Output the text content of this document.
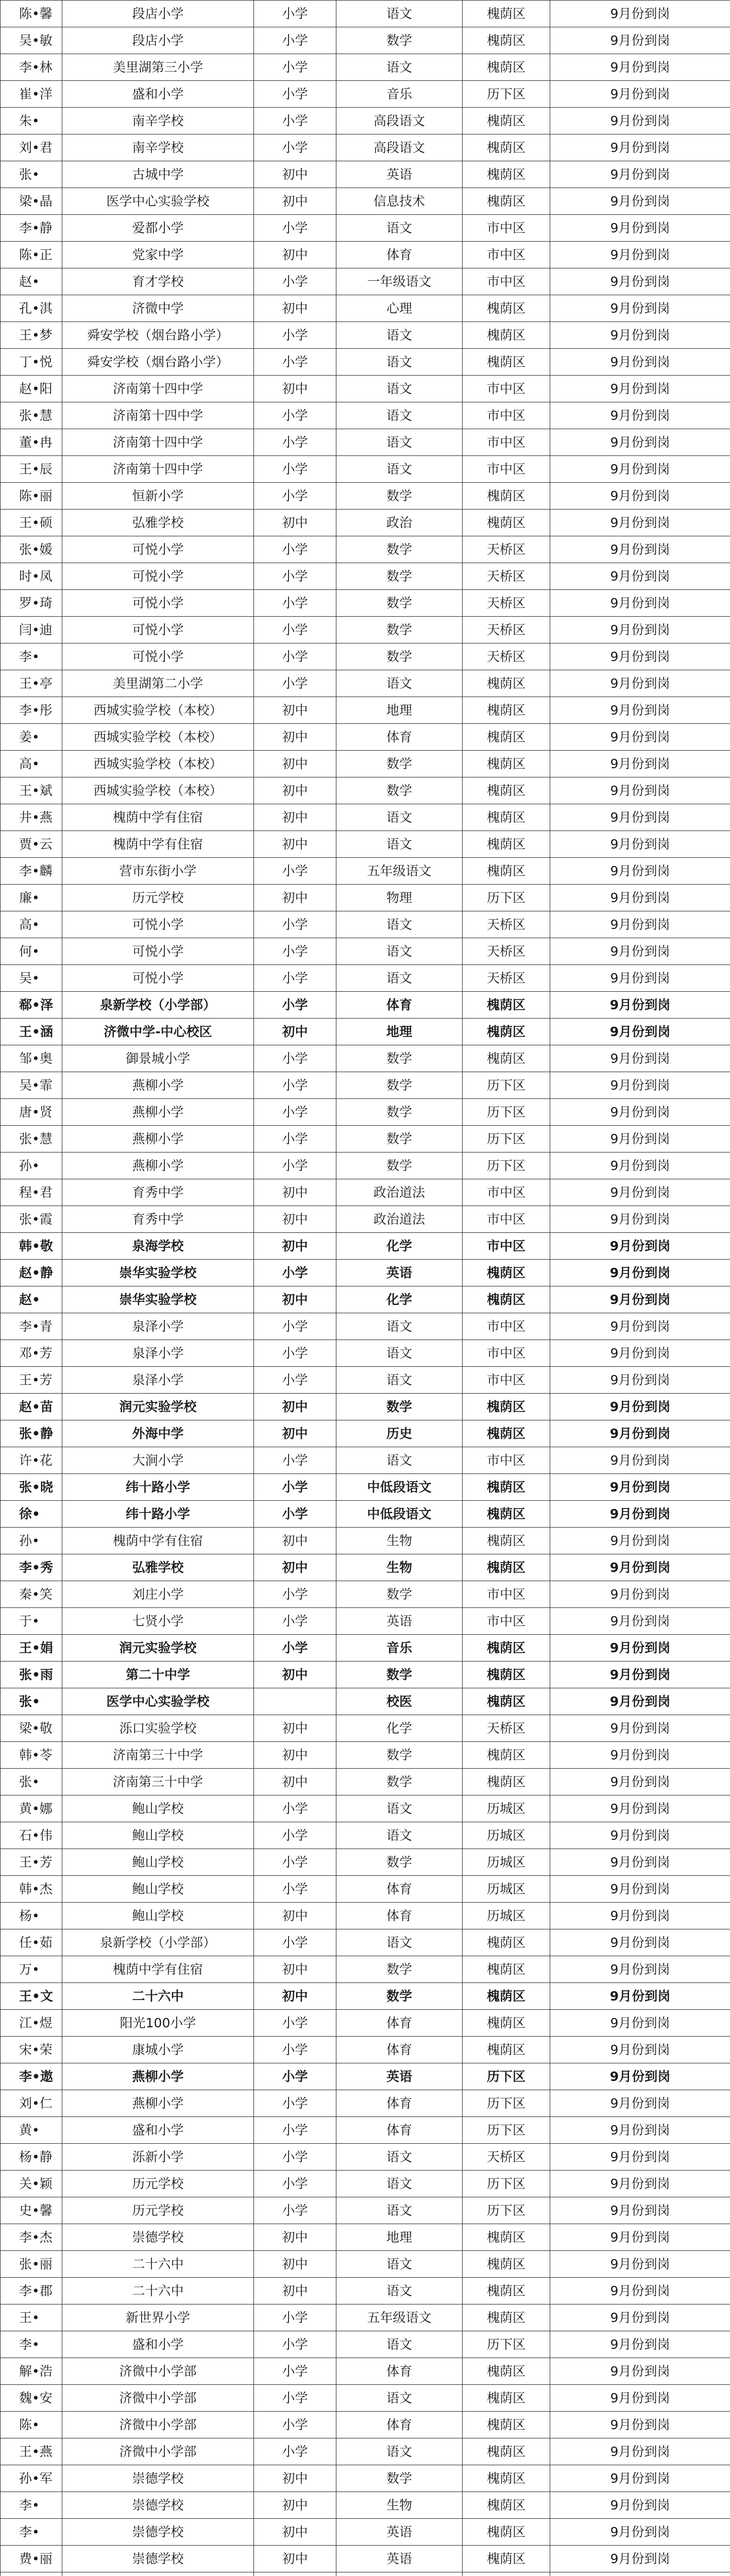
陈•馨	段店小学	小学	语文	槐荫区	9月份到岗
吴•敏	段店小学	小学	数学	槐荫区	9月份到岗
李•林	美里湖第三小学	小学	语文	槐荫区	9月份到岗
崔•洋	盛和小学	小学	音乐	历下区	9月份到岗
朱•	南辛学校	小学	高段语文	槐荫区	9月份到岗
刘•君	南辛学校	小学	高段语文	槐荫区	9月份到岗
张•	古城中学	初中	英语	槐荫区	9月份到岗
梁•晶	医学中心实验学校	初中	信息技术	槐荫区	9月份到岗
李•静	爱都小学	小学	语文	市中区	9月份到岗
陈•正	党家中学	初中	体育	市中区	9月份到岗
赵•	育才学校	小学	一年级语文	市中区	9月份到岗
孔•淇	济微中学	初中	心理	槐荫区	9月份到岗
王•梦	舜安学校（烟台路小学）	小学	语文	槐荫区	9月份到岗
丁•悦	舜安学校（烟台路小学）	小学	语文	槐荫区	9月份到岗
赵•阳	济南第十四中学	初中	语文	市中区	9月份到岗
张•慧	济南第十四中学	小学	语文	市中区	9月份到岗
董•冉	济南第十四中学	小学	语文	市中区	9月份到岗
王•辰	济南第十四中学	小学	语文	市中区	9月份到岗
陈•丽	恒新小学	小学	数学	槐荫区	9月份到岗
王•硕	弘雅学校	初中	政治	槐荫区	9月份到岗
张•媛	可悦小学	小学	数学	天桥区	9月份到岗
时•凤	可悦小学	小学	数学	天桥区	9月份到岗
罗•琦	可悦小学	小学	数学	天桥区	9月份到岗
闫•迪	可悦小学	小学	数学	天桥区	9月份到岗
李•	可悦小学	小学	数学	天桥区	9月份到岗
王•亭	美里湖第二小学	小学	语文	槐荫区	9月份到岗
李•彤	西城实验学校（本校）	初中	地理	槐荫区	9月份到岗
姜•	西城实验学校（本校）	初中	体育	槐荫区	9月份到岗
高•	西城实验学校（本校）	初中	数学	槐荫区	9月份到岗
王•斌	西城实验学校（本校）	初中	数学	槐荫区	9月份到岗
井•燕	槐荫中学有住宿	初中	语文	槐荫区	9月份到岗
贾•云	槐荫中学有住宿	初中	语文	槐荫区	9月份到岗
李•麟	营市东街小学	小学	五年级语文	槐荫区	9月份到岗
廉•	历元学校	初中	物理	历下区	9月份到岗
高•	可悦小学	小学	语文	天桥区	9月份到岗
何•	可悦小学	小学	语文	天桥区	9月份到岗
吴•	可悦小学	小学	语文	天桥区	9月份到岗
郗•泽	泉新学校（小学部）	小学	体育	槐荫区	9月份到岗
王•涵	济微中学-中心校区	初中	地理	槐荫区	9月份到岗
邹•奥	御景城小学	小学	数学	槐荫区	9月份到岗
吴•霏	燕柳小学	小学	数学	历下区	9月份到岗
唐•贤	燕柳小学	小学	数学	历下区	9月份到岗
张•慧	燕柳小学	小学	数学	历下区	9月份到岗
孙•	燕柳小学	小学	数学	历下区	9月份到岗
程•君	育秀中学	初中	政治道法	市中区	9月份到岗
张•霞	育秀中学	初中	政治道法	市中区	9月份到岗
韩•敬	泉海学校	初中	化学	市中区	9月份到岗
赵•静	崇华实验学校	小学	英语	槐荫区	9月份到岗
赵•	崇华实验学校	初中	化学	槐荫区	9月份到岗
李•青	泉泽小学	小学	语文	市中区	9月份到岗
邓•芳	泉泽小学	小学	语文	市中区	9月份到岗
王•芳	泉泽小学	小学	语文	市中区	9月份到岗
赵•苗	润元实验学校	初中	数学	槐荫区	9月份到岗
张•静	外海中学	初中	历史	槐荫区	9月份到岗
许•花	大涧小学	小学	语文	市中区	9月份到岗
张•晓	纬十路小学	小学	中低段语文	槐荫区	9月份到岗
徐•	纬十路小学	小学	中低段语文	槐荫区	9月份到岗
孙•	槐荫中学有住宿	初中	生物	槐荫区	9月份到岗
李•秀	弘雅学校	初中	生物	槐荫区	9月份到岗
秦•笑	刘庄小学	小学	数学	市中区	9月份到岗
于•	七贤小学	小学	英语	市中区	9月份到岗
王•娟	润元实验学校	小学	音乐	槐荫区	9月份到岗
张•雨	第二十中学	初中	数学	槐荫区	9月份到岗
张•	医学中心实验学校		校医	槐荫区	9月份到岗
梁•敬	泺口实验学校	初中	化学	天桥区	9月份到岗
韩•苓	济南第三十中学	初中	数学	槐荫区	9月份到岗
张•	济南第三十中学	初中	数学	槐荫区	9月份到岗
黄•娜	鲍山学校	小学	语文	历城区	9月份到岗
石•伟	鲍山学校	小学	语文	历城区	9月份到岗
王•芳	鲍山学校	小学	数学	历城区	9月份到岗
韩•杰	鲍山学校	小学	体育	历城区	9月份到岗
杨•	鲍山学校	初中	体育	历城区	9月份到岗
任•茹	泉新学校（小学部）	小学	语文	槐荫区	9月份到岗
万•	槐荫中学有住宿	初中	数学	槐荫区	9月份到岗
王•文	二十六中	初中	数学	槐荫区	9月份到岗
江•煜	阳光100小学	小学	体育	槐荫区	9月份到岗
宋•荣	康城小学	小学	体育	槐荫区	9月份到岗
李•遨	燕柳小学	小学	英语	历下区	9月份到岗
刘•仁	燕柳小学	小学	体育	历下区	9月份到岗
黄•	盛和小学	小学	体育	历下区	9月份到岗
杨•静	泺新小学	小学	语文	天桥区	9月份到岗
关•颖	历元学校	小学	语文	历下区	9月份到岗
史•馨	历元学校	小学	语文	历下区	9月份到岗
李•杰	崇德学校	初中	地理	槐荫区	9月份到岗
张•丽	二十六中	初中	语文	槐荫区	9月份到岗
李•郡	二十六中	初中	语文	槐荫区	9月份到岗
王•	新世界小学	小学	五年级语文	槐荫区	9月份到岗
李•	盛和小学	小学	语文	历下区	9月份到岗
解•浩	济微中小学部	小学	体育	槐荫区	9月份到岗
魏•安	济微中小学部	小学	语文	槐荫区	9月份到岗
陈•	济微中小学部	小学	体育	槐荫区	9月份到岗
王•燕	济微中小学部	小学	语文	槐荫区	9月份到岗
孙•军	崇德学校	初中	数学	槐荫区	9月份到岗
李•	崇德学校	初中	生物	槐荫区	9月份到岗
李•	崇德学校	初中	英语	槐荫区	9月份到岗
费•丽	崇德学校	初中	英语	槐荫区	9月份到岗
